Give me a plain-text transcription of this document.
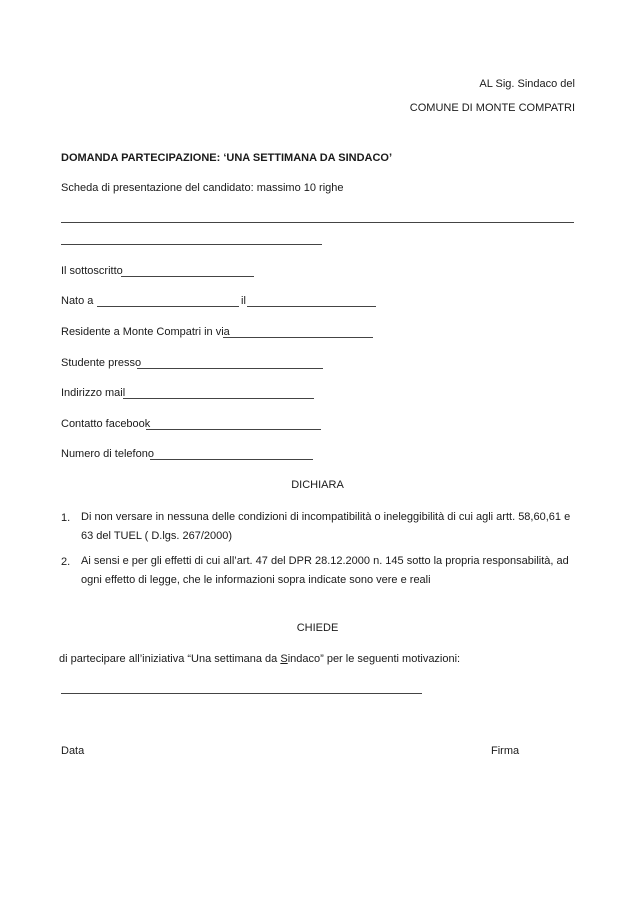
AL Sig. Sindaco del
COMUNE DI MONTE COMPATRI
DOMANDA PARTECIPAZIONE: ‘UNA SETTIMANA DA SINDACO’
Scheda di presentazione del candidato: massimo 10 righe
Il sottoscritto
Nato a	il
Residente a Monte Compatri in via
Studente presso
Indirizzo mail
Contatto facebook
Numero di telefono
DICHIARA
1. Di non versare in nessuna delle condizioni di incompatibilità o ineleggibilità di cui agli artt. 58,60,61 e 63 del TUEL ( D.lgs. 267/2000)
2. Ai sensi e per gli effetti di cui all’art. 47 del DPR 28.12.2000 n. 145 sotto la propria responsabilità, ad ogni effetto di legge, che le informazioni sopra indicate sono vere e reali
CHIEDE
di partecipare all’iniziativa “Una settimana da Sindaco” per le seguenti motivazioni:
Data	Firma
